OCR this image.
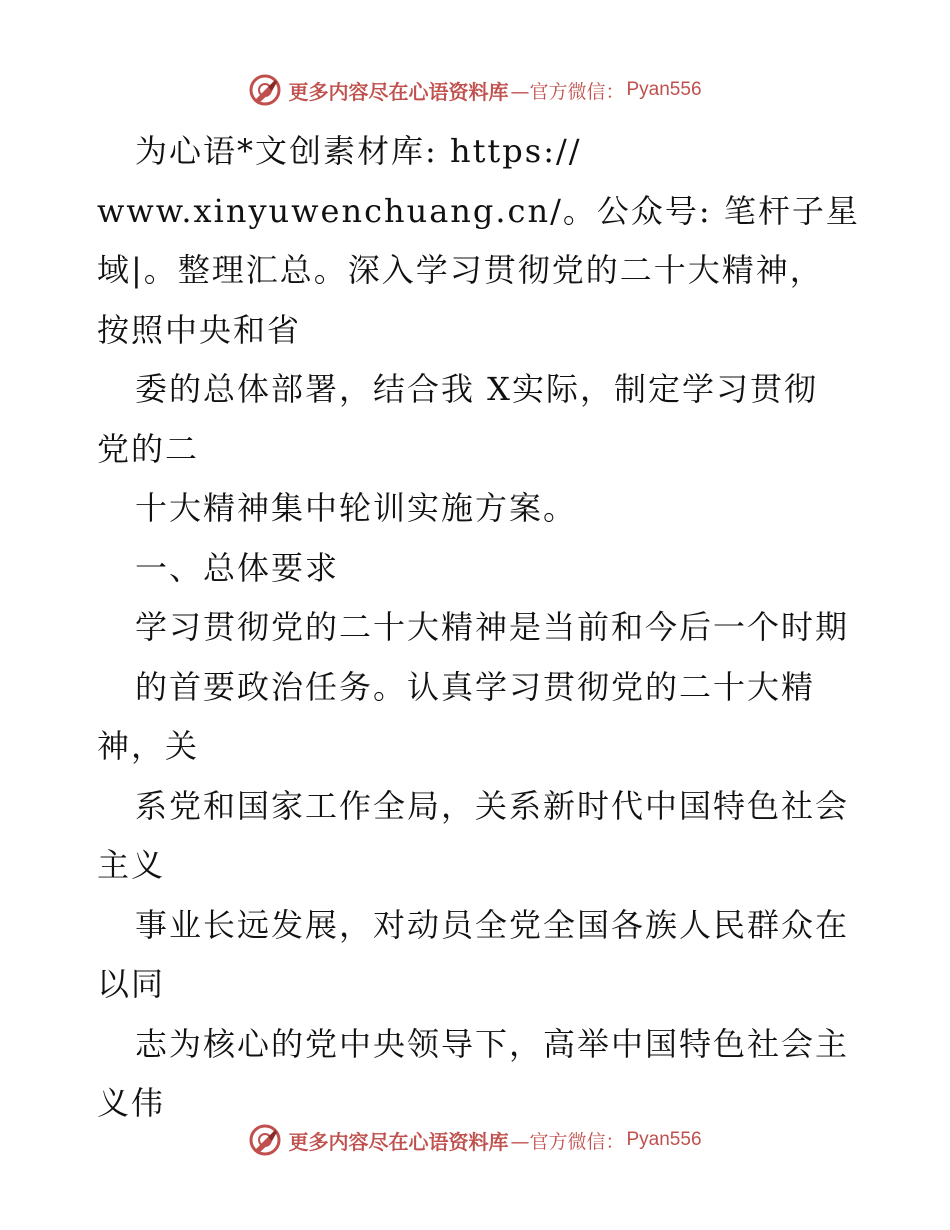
更多内容尽在心语资料库 —官方微信： Pyan556
为心语*文创素材库: https://
www.xinyuwenchuang.cn/。公众号: 笔杆子星
域|。整理汇总。深入学习贯彻党的二十大精神，
按照中央和省
委的总体部署，结合我 X实际，制定学习贯彻
党的二
十大精神集中轮训实施方案。
一、总体要求
学习贯彻党的二十大精神是当前和今后一个时期
的首要政治任务。认真学习贯彻党的二十大精
神，关
系党和国家工作全局，关系新时代中国特色社会
主义
事业长远发展，对动员全党全国各族人民群众在
以同
志为核心的党中央领导下，高举中国特色社会主
义伟
更多内容尽在心语资料库 —官方微信： Pyan556
